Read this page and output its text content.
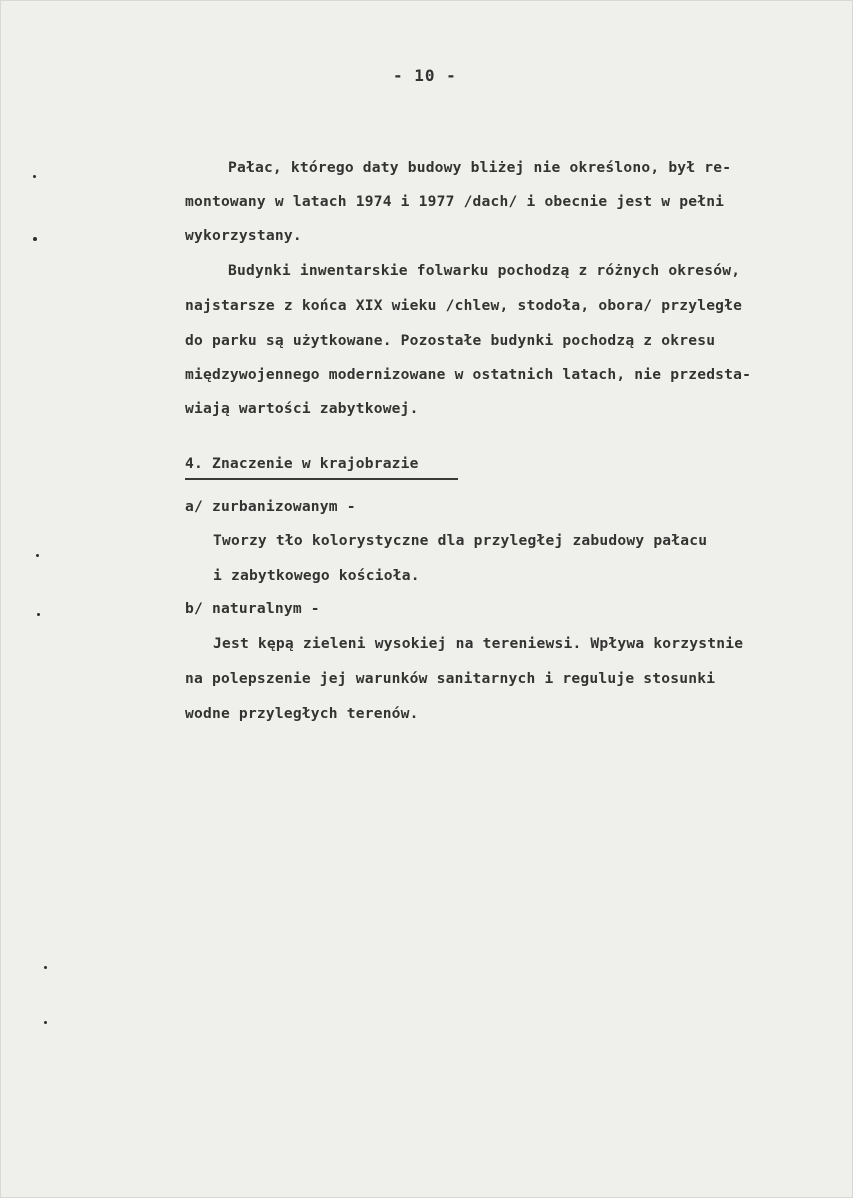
- 10 -
Pałac, którego daty budowy bliżej nie określono, był re-
montowany w latach 1974 i 1977 /dach/ i obecnie jest w pełni
wykorzystany.
Budynki inwentarskie folwarku pochodzą z różnych okresów,
najstarsze z końca XIX wieku /chlew, stodoła, obora/ przyległe
do parku są użytkowane. Pozostałe budynki pochodzą z okresu
międzywojennego modernizowane w ostatnich latach, nie przedsta-
wiają wartości zabytkowej.
4. Znaczenie w krajobrazie
a/ zurbanizowanym -
Tworzy tło kolorystyczne dla przyległej zabudowy pałacu
i zabytkowego kościoła.
b/ naturalnym -
Jest kępą zieleni wysokiej na tereniewsi. Wpływa korzystnie
na polepszenie jej warunków sanitarnych i reguluje stosunki
wodne przyległych terenów.
